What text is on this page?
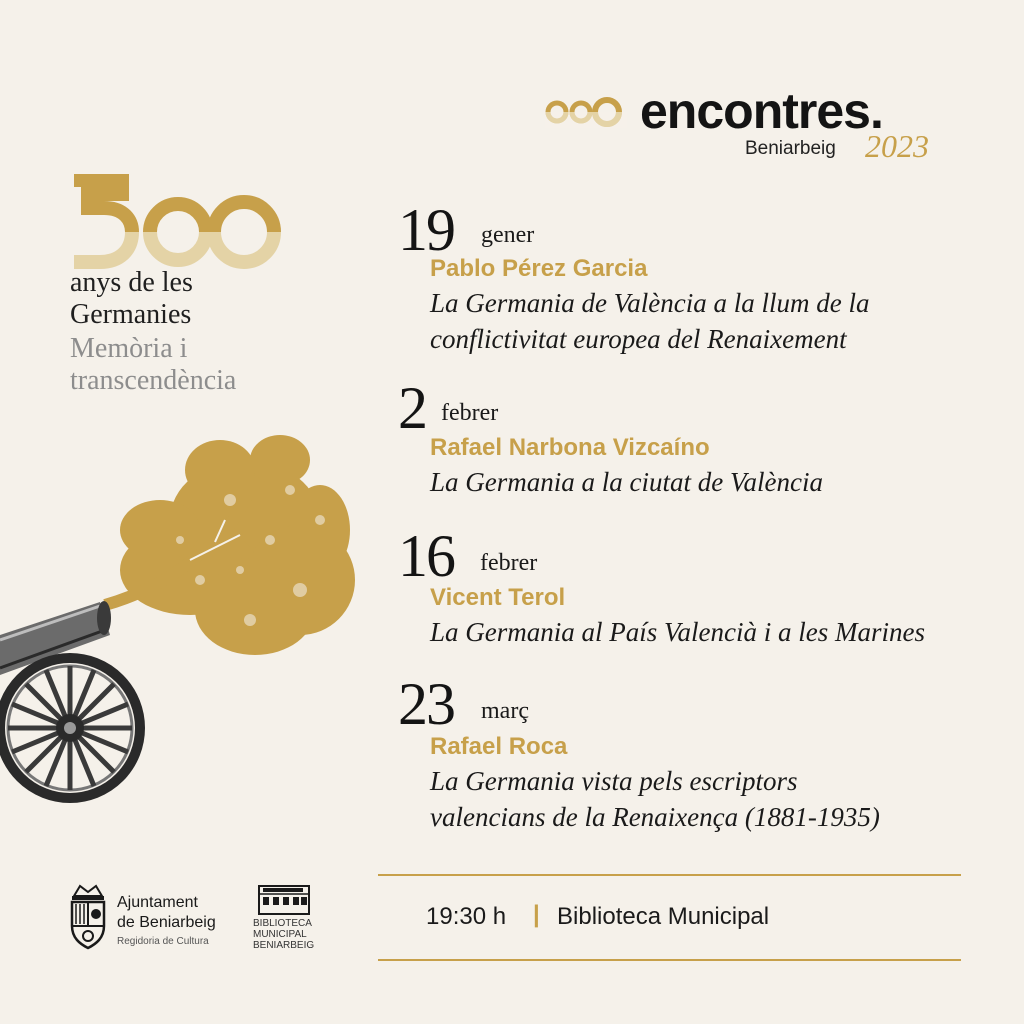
encontres.
Beniarbeig 2023
500
anys de les
Germanies
Memòria i
transcendència
19 gener
Pablo Pérez Garcia
La Germania de València a la llum de la
conflictivitat europea del Renaixement
2 febrer
Rafael Narbona Vizcaíno
La Germania a la ciutat de València
16 febrer
Vicent Terol
La Germania al País Valencià i a les Marines
23 març
Rafael Roca
La Germania vista pels escriptors
valencians de la Renaixença (1881-1935)
19:30 h | Biblioteca Municipal
Ajuntament
de Beniarbeig
Regidoria de Cultura
BIBLIOTECA
MUNICIPAL
BENIARBEIG
